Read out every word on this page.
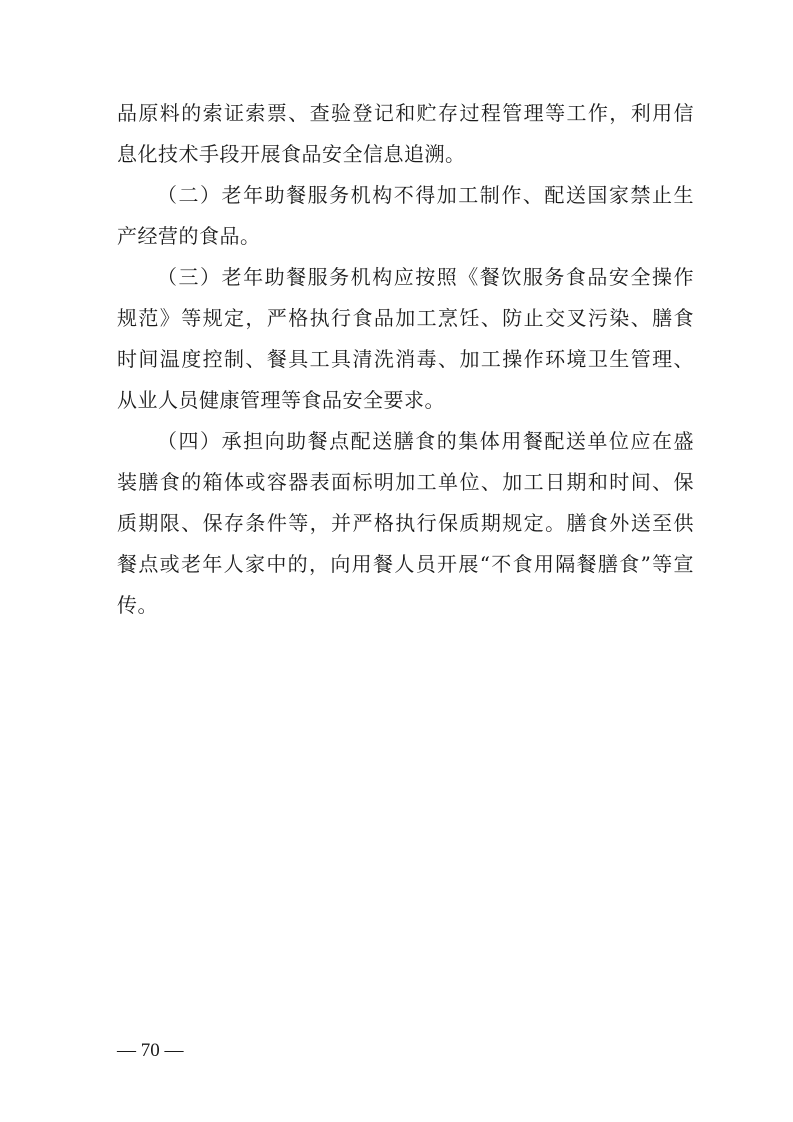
品原料的索证索票、查验登记和贮存过程管理等工作，利用信

息化技术手段开展食品安全信息追溯。

（二）老年助餐服务机构不得加工制作、配送国家禁止生

产经营的食品。

（三）老年助餐服务机构应按照《餐饮服务食品安全操作

规范》等规定，严格执行食品加工烹饪、防止交叉污染、膳食

时间温度控制、餐具工具清洗消毒、加工操作环境卫生管理、

从业人员健康管理等食品安全要求。

（四）承担向助餐点配送膳食的集体用餐配送单位应在盛

装膳食的箱体或容器表面标明加工单位、加工日期和时间、保

质期限、保存条件等，并严格执行保质期规定。膳食外送至供

餐点或老年人家中的，向用餐人员开展“不食用隔餐膳食”等宣

传。

— 70 —
